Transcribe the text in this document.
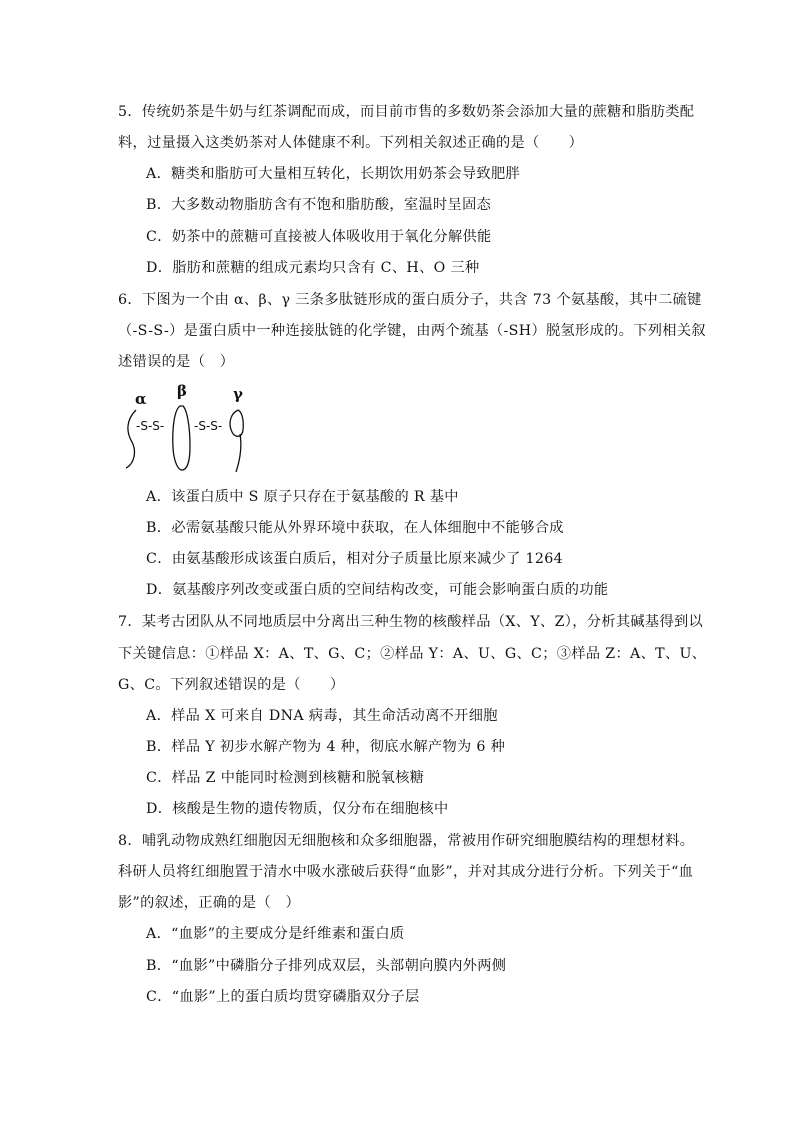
5．传统奶茶是牛奶与红茶调配而成，而目前市售的多数奶茶会添加大量的蔗糖和脂肪类配
料，过量摄入这类奶茶对人体健康不利。下列相关叙述正确的是（　　）
A．糖类和脂肪可大量相互转化，长期饮用奶茶会导致肥胖
B．大多数动物脂肪含有不饱和脂肪酸，室温时呈固态
C．奶茶中的蔗糖可直接被人体吸收用于氧化分解供能
D．脂肪和蔗糖的组成元素均只含有 C、H、O 三种
6．下图为一个由 α、β、γ 三条多肽链形成的蛋白质分子，共含 73 个氨基酸，其中二硫键
（-S-S-）是蛋白质中一种连接肽链的化学键，由两个巯基（-SH）脱氢形成的。下列相关叙
述错误的是（　）
α β	γ
-S-S- -S-S-
A．该蛋白质中 S 原子只存在于氨基酸的 R 基中
B．必需氨基酸只能从外界环境中获取，在人体细胞中不能够合成
C．由氨基酸形成该蛋白质后，相对分子质量比原来减少了 1264
D．氨基酸序列改变或蛋白质的空间结构改变，可能会影响蛋白质的功能
7．某考古团队从不同地质层中分离出三种生物的核酸样品（X、Y、Z），分析其碱基得到以
下关键信息：①样品 X：A、T、G、C；②样品 Y：A、U、G、C；③样品 Z：A、T、U、
G、C。下列叙述错误的是（　　）
A．样品 X 可来自 DNA 病毒，其生命活动离不开细胞
B．样品 Y 初步水解产物为 4 种，彻底水解产物为 6 种
C．样品 Z 中能同时检测到核糖和脱氧核糖
D．核酸是生物的遗传物质，仅分布在细胞核中
8．哺乳动物成熟红细胞因无细胞核和众多细胞器，常被用作研究细胞膜结构的理想材料。
科研人员将红细胞置于清水中吸水涨破后获得“血影”，并对其成分进行分析。下列关于“血
影”的叙述，正确的是（　）
A．“血影”的主要成分是纤维素和蛋白质
B．“血影”中磷脂分子排列成双层，头部朝向膜内外两侧
C．“血影”上的蛋白质均贯穿磷脂双分子层
